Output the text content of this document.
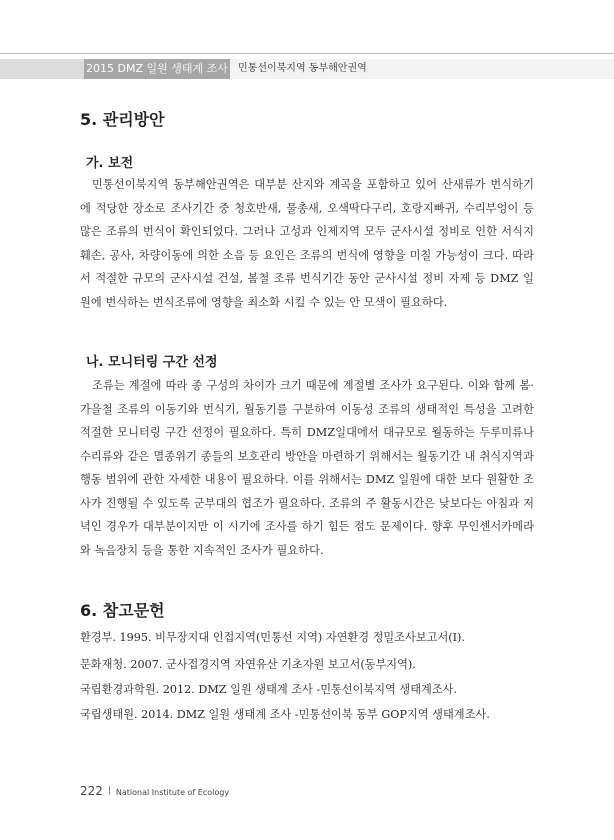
2015 DMZ 일원 생태계 조사 민통선이북지역 동부해안권역
5. 관리방안
가. 보전
민통선이북지역 동부해안권역은 대부분 산지와 계곡을 포함하고 있어 산새류가 번식하기에 적당한 장소로 조사기간 중 청호반새, 물총새, 오색딱다구리, 호랑지빠귀, 수리부엉이 등 많은 조류의 번식이 확인되었다. 그러나 고성과 인제지역 모두 군사시설 정비로 인한 서식지 훼손, 공사, 차량이동에 의한 소음 등 요인은 조류의 번식에 영향을 미칠 가능성이 크다. 따라서 적절한 규모의 군사시설 건설, 봄철 조류 번식기간 동안 군사시설 정비 자제 등 DMZ 일원에 번식하는 번식조류에 영향을 최소화 시킬 수 있는 안 모색이 필요하다.
나. 모니터링 구간 선정
조류는 계절에 따라 종 구성의 차이가 크기 때문에 계절별 조사가 요구된다. 이와 함께 봄·가을철 조류의 이동기와 번식기, 월동기를 구분하여 이동성 조류의 생태적인 특성을 고려한 적절한 모니터링 구간 선정이 필요하다. 특히 DMZ일대에서 대규모로 월동하는 두루미류나 수리류와 같은 멸종위기 종들의 보호관리 방안을 마련하기 위해서는 월동기간 내 취식지역과 행동 범위에 관한 자세한 내용이 필요하다. 이를 위해서는 DMZ 일원에 대한 보다 원활한 조사가 진행될 수 있도록 군부대의 협조가 필요하다. 조류의 주 활동시간은 낮보다는 아침과 저녁인 경우가 대부분이지만 이 시기에 조사를 하기 힘든 점도 문제이다. 향후 무인센서카메라와 녹음장치 등을 통한 지속적인 조사가 필요하다.
6. 참고문헌
환경부. 1995. 비무장지대 인접지역(민통선 지역) 자연환경 정밀조사보고서(Ⅰ).
문화재청. 2007. 군사접경지역 자연유산 기초자원 보고서(동부지역).
국립환경과학원. 2012. DMZ 일원 생태계 조사 -민통선이북지역 생태계조사.
국립생태원. 2014. DMZ 일원 생태계 조사 -민통선이북 동부 GOP지역 생태계조사.
222 National Institute of Ecology
